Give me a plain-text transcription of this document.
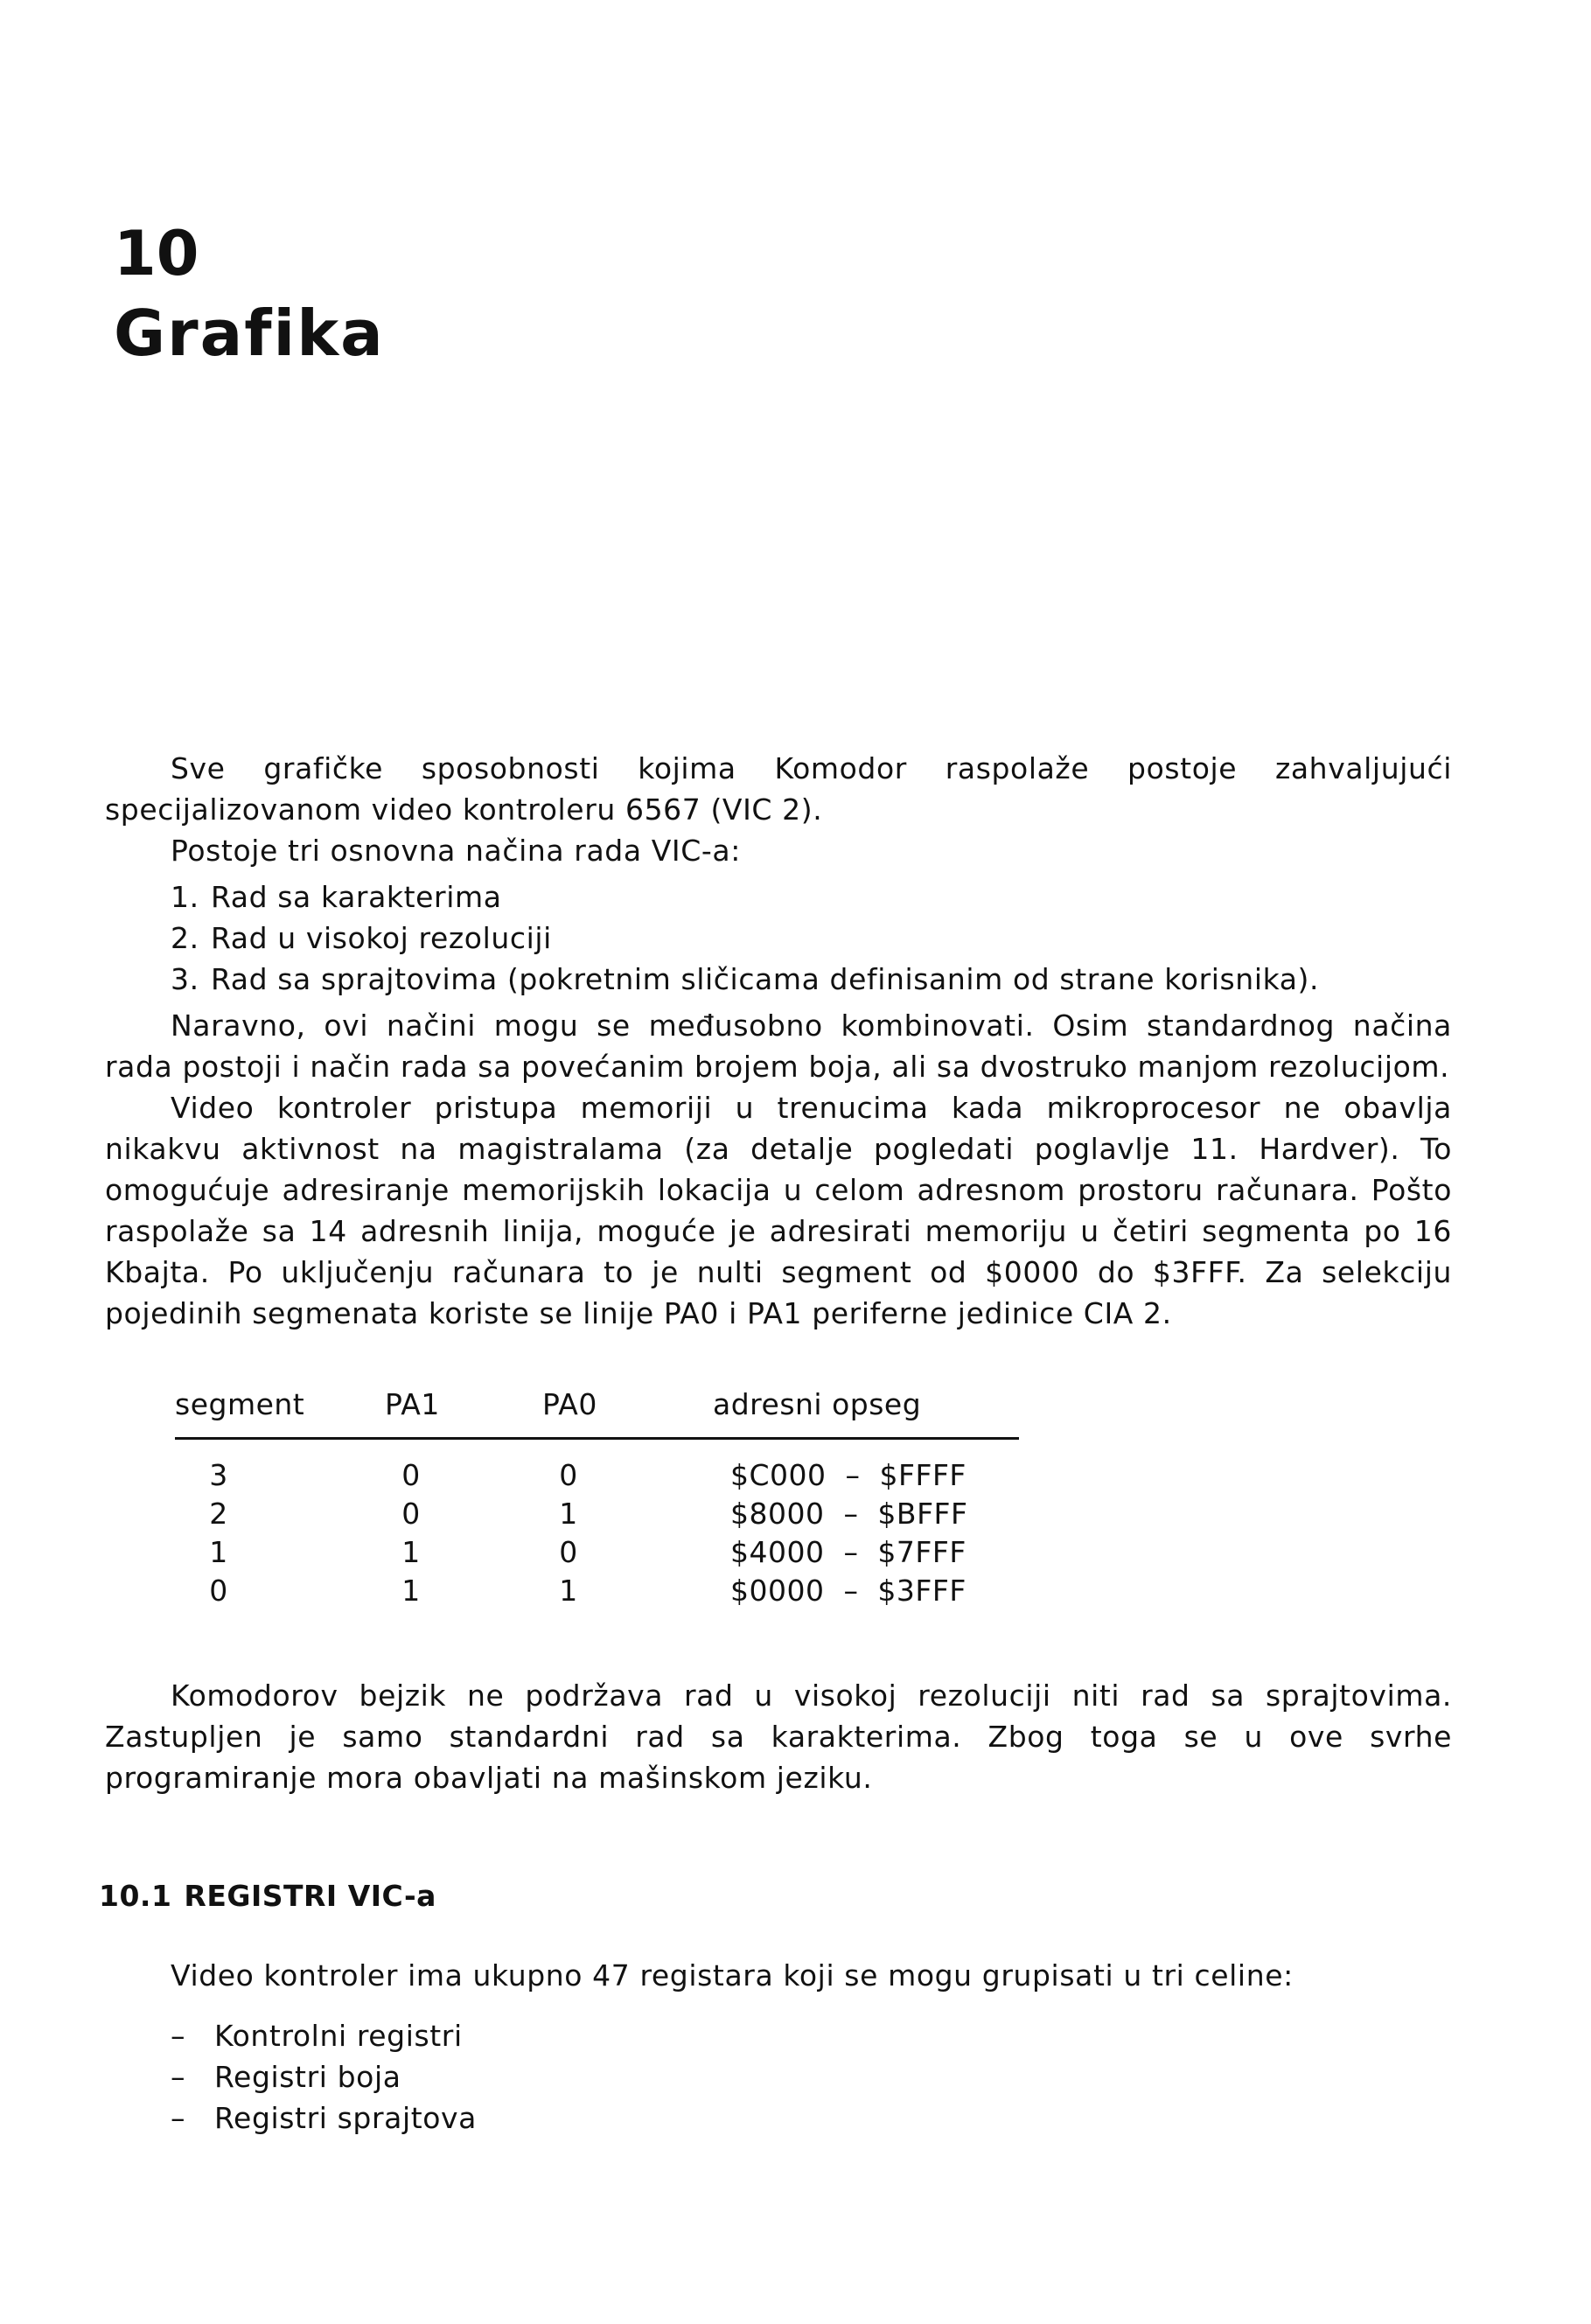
10
Grafika

Sve grafičke sposobnosti kojima Komodor raspolaže postoje zahvaljujući specijalizovanom video kontroleru 6567 (VIC 2).

Postoje tri osnovna načina rada VIC-a:

1. Rad sa karakterima
2. Rad u visokoj rezoluciji
3. Rad sa sprajtovima (pokretnim sličicama definisanim od strane korisnika).

Naravno, ovi načini mogu se međusobno kombinovati. Osim standardnog načina rada postoji i način rada sa povećanim brojem boja, ali sa dvostruko manjom rezolucijom.

Video kontroler pristupa memoriji u trenucima kada mikroprocesor ne obavlja nikakvu aktivnost na magistralama (za detalje pogledati poglavlje 11. Hardver). To omogućuje adresiranje memorijskih lokacija u celom adresnom prostoru računara. Pošto raspolaže sa 14 adresnih linija, moguće je adresirati memoriju u četiri segmenta po 16 Kbajta. Po uključenju računara to je nulti segment od $0000 do $3FFF. Za selekciju pojedinih segmenata koriste se linije PA0 i PA1 periferne jedinice CIA 2.

segment	PA1	PA0	adresni opseg
3	0	0	$C000  –  $FFFF
2	0	1	$8000  –  $BFFF
1	1	0	$4000  –  $7FFF
0	1	1	$0000  –  $3FFF

Komodorov bejzik ne podržava rad u visokoj rezoluciji niti rad sa sprajtovima. Zastupljen je samo standardni rad sa karakterima. Zbog toga se u ove svrhe programiranje mora obavljati na mašinskom jeziku.

10.1 REGISTRI VIC-a

Video kontroler ima ukupno 47 registara koji se mogu grupisati u tri celine:

– Kontrolni registri
– Registri boja
– Registri sprajtova
